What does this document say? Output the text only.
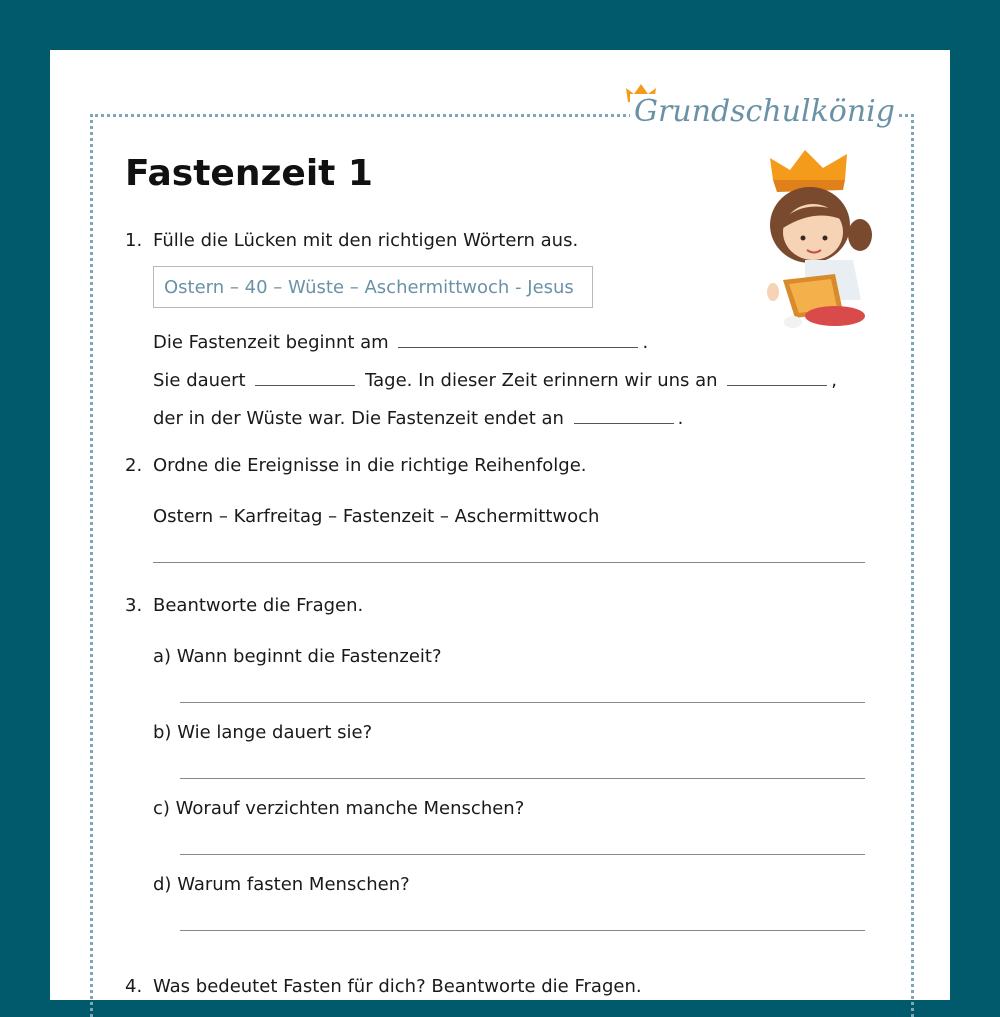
Grundschulkönig
Fastenzeit 1
1. Fülle die Lücken mit den richtigen Wörtern aus.
Ostern – 40 – Wüste – Aschermittwoch - Jesus
Die Fastenzeit beginnt am	.
Sie dauert	Tage. In dieser Zeit erinnern wir uns an	,
der in der Wüste war. Die Fastenzeit endet an	.
2. Ordne die Ereignisse in die richtige Reihenfolge.
Ostern – Karfreitag – Fastenzeit – Aschermittwoch
3. Beantworte die Fragen.
a) Wann beginnt die Fastenzeit?
b) Wie lange dauert sie?
c) Worauf verzichten manche Menschen?
d) Warum fasten Menschen?
4. Was bedeutet Fasten für dich? Beantworte die Fragen.
